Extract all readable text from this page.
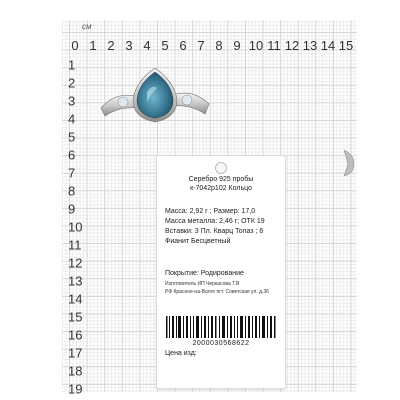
см
0 1 2 3 4 5 6 7 8 9 10 11 12 13 14 15
1
2
3
4
5
6
7
8
9
10
11
12
13
14
15
16
17
18
19
Серебро 925 пробы
к-7042р102 Кольцо
Масса: 2,92 г ; Размер: 17,0
Масса металла: 2,46 г; ОТК 19
Вставки: 3 Пл. Кварц Топаз ; 6
Фианит Бесцветный
Покрытие: Родирование
Изготовитель ИП Черкасова Т.В
РФ Красное-на-Волге пгт. Советская ул. д.36
2000030568622
Цена изд:
